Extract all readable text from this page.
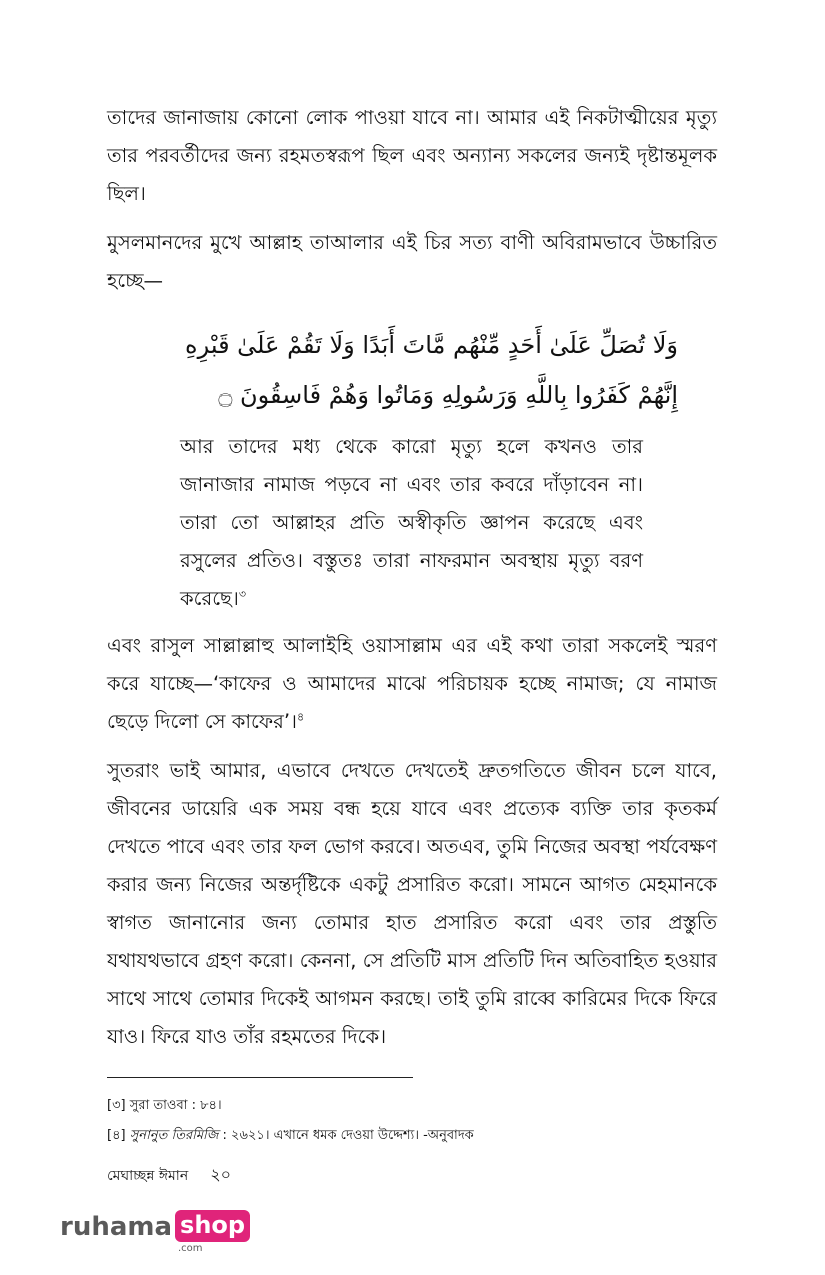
তাদের জানাজায় কোনো লোক পাওয়া যাবে না। আমার এই নিকটাত্মীয়ের মৃত্যু তার পরবর্তীদের জন্য রহমতস্বরূপ ছিল এবং অন্যান্য সকলের জন্যই দৃষ্টান্তমূলক ছিল।

মুসলমানদের মুখে আল্লাহ তাআলার এই চির সত্য বাণী অবিরামভাবে উচ্চারিত হচ্ছে—

وَلَا تُصَلِّ عَلَىٰ أَحَدٍ مِّنْهُم مَّاتَ أَبَدًا وَلَا تَقُمْ عَلَىٰ قَبْرِهِ

إِنَّهُمْ كَفَرُوا بِاللَّهِ وَرَسُولِهِ وَمَاتُوا وَهُمْ فَاسِقُونَ ۝

আর তাদের মধ্য থেকে কারো মৃত্যু হলে কখনও তার জানাজার নামাজ পড়বে না এবং তার কবরে দাঁড়াবেন না। তারা তো আল্লাহর প্রতি অস্বীকৃতি জ্ঞাপন করেছে এবং রসুলের প্রতিও। বস্তুতঃ তারা নাফরমান অবস্থায় মৃত্যু বরণ করেছে।$^৩$

এবং রাসুল সাল্লাল্লাহু আলাইহি ওয়াসাল্লাম এর এই কথা তারা সকলেই স্মরণ করে যাচ্ছে—‘কাফের ও আমাদের মাঝে পরিচায়ক হচ্ছে নামাজ; যে নামাজ ছেড়ে দিলো সে কাফের’।$^৪$

সুতরাং ভাই আমার, এভাবে দেখতে দেখতেই দ্রুতগতিতে জীবন চলে যাবে, জীবনের ডায়েরি এক সময় বন্ধ হয়ে যাবে এবং প্রত্যেক ব্যক্তি তার কৃতকর্ম দেখতে পাবে এবং তার ফল ভোগ করবে। অতএব, তুমি নিজের অবস্থা পর্যবেক্ষণ করার জন্য নিজের অন্তর্দৃষ্টিকে একটু প্রসারিত করো। সামনে আগত মেহমানকে স্বাগত জানানোর জন্য তোমার হাত প্রসারিত করো এবং তার প্রস্তুতি যথাযথভাবে গ্রহণ করো। কেননা, সে প্রতিটি মাস প্রতিটি দিন অতিবাহিত হওয়ার সাথে সাথে তোমার দিকেই আগমন করছে। তাই তুমি রাব্বে কারিমের দিকে ফিরে যাও। ফিরে যাও তাঁর রহমতের দিকে।

[৩] সুরা তাওবা : ৮৪।

[৪] সুনানুত তিরমিজি : ২৬২১। এখানে ধমক দেওয়া উদ্দেশ্য। -অনুবাদক

মেঘাচ্ছন্ন ঈমান ২০
ruhama shop
.com
